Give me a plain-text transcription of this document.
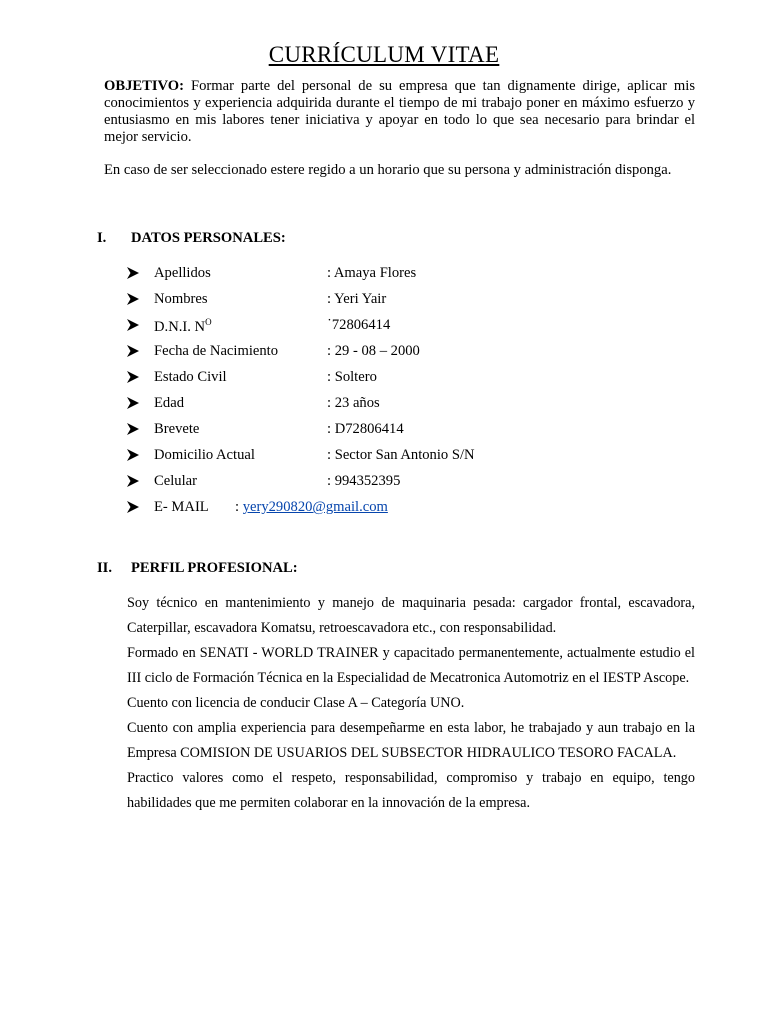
CURRÍCULUM VITAE
OBJETIVO: Formar parte del personal de su empresa que tan dignamente dirige, aplicar mis conocimientos y experiencia adquirida durante el tiempo de mi trabajo poner en máximo esfuerzo y entusiasmo en mis labores tener iniciativa y apoyar en todo lo que sea necesario para brindar el mejor servicio.
En caso de ser seleccionado estere regido a un horario que su persona y administración disponga.
I. DATOS PERSONALES:
Apellidos	: Amaya Flores
Nombres	: Yeri Yair
D.N.I. $N^O$	˙72806414
Fecha de Nacimiento	: 29 - 08 – 2000
Estado Civil	: Soltero
Edad	: 23 años
Brevete	: D72806414
Domicilio Actual	: Sector San Antonio S/N
Celular	: 994352395
E- MAIL : yery290820@gmail.com
II. PERFIL PROFESIONAL:

Soy técnico en mantenimiento y manejo de maquinaria pesada: cargador frontal, escavadora, Caterpillar, escavadora Komatsu, retroescavadora etc., con responsabilidad.

Formado en SENATI - WORLD TRAINER y capacitado permanentemente, actualmente estudio el III ciclo de Formación Técnica en la Especialidad de Mecatronica Automotriz en el IESTP Ascope.

Cuento con licencia de conducir Clase A – Categoría UNO.

Cuento con amplia experiencia para desempeñarme en esta labor, he trabajado y aun trabajo en la Empresa COMISION DE USUARIOS DEL SUBSECTOR HIDRAULICO TESORO FACALA.

Practico valores como el respeto, responsabilidad, compromiso y trabajo en equipo, tengo habilidades que me permiten colaborar en la innovación de la empresa.
